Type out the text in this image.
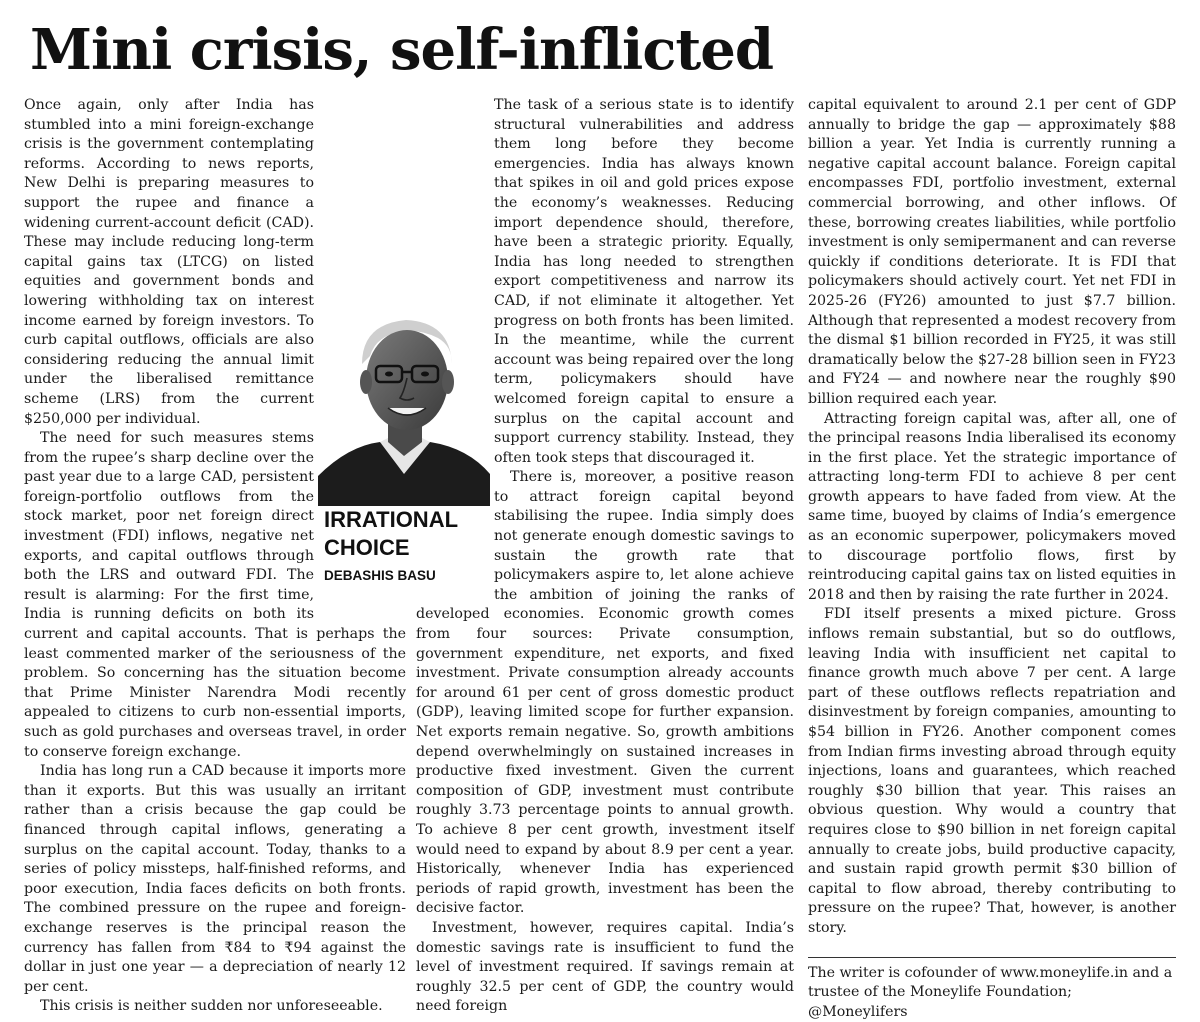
Mini crisis, self-inflicted

Once again, only after India has stumbled into a mini foreign-exchange crisis is the government contemplating reforms. According to news reports, New Delhi is preparing measures to support the rupee and finance a widening current-account deficit (CAD). These may include reducing long-term capital gains tax (LTCG) on listed equities and government bonds and lowering withholding tax on interest income earned by foreign investors. To curb capital outflows, officials are also considering reducing the annual limit under the liberalised remittance scheme (LRS) from the current $250,000 per individual.

The need for such measures stems from the rupee’s sharp decline over the past year due to a large CAD, persistent foreign-portfolio outflows from the stock market, poor net foreign direct investment (FDI) inflows, negative net exports, and capital outflows through both the LRS and outward FDI. The result is alarming: For the first time, India is running deficits on both its current and capital accounts. That is perhaps the least commented marker of the seriousness of the problem. So concerning has the situation become that Prime Minister Narendra Modi recently appealed to citizens to curb non-essential imports, such as gold purchases and overseas travel, in order to conserve foreign exchange.

India has long run a CAD because it imports more than it exports. But this was usually an irritant rather than a crisis because the gap could be financed through capital inflows, generating a surplus on the capital account. Today, thanks to a series of policy missteps, half-finished reforms, and poor execution, India faces deficits on both fronts. The combined pressure on the rupee and foreign-exchange reserves is the principal reason the currency has fallen from ₹84 to ₹94 against the dollar in just one year — a depreciation of nearly 12 per cent.

This crisis is neither sudden nor unforeseeable.

The task of a serious state is to identify structural vulnerabilities and address them long before they become emergencies. India has always known that spikes in oil and gold prices expose the economy’s weaknesses. Reducing import dependence should, therefore, have been a strategic priority. Equally, India has long needed to strengthen export competitiveness and narrow its CAD, if not eliminate it altogether. Yet progress on both fronts has been limited. In the meantime, while the current account was being repaired over the long term, policymakers should have welcomed foreign capital to ensure a surplus on the capital account and support currency stability. Instead, they often took steps that discouraged it.

There is, moreover, a positive reason to attract foreign capital beyond stabilising the rupee. India simply does not generate enough domestic savings to sustain the growth rate that policymakers aspire to, let alone achieve the ambition of joining the ranks of developed economies. Economic growth comes from four sources: Private consumption, government expenditure, net exports, and fixed investment. Private consumption already accounts for around 61 per cent of gross domestic product (GDP), leaving limited scope for further expansion. Net exports remain negative. So, growth ambitions depend overwhelmingly on sustained increases in productive fixed investment. Given the current composition of GDP, investment must contribute roughly 3.73 percentage points to annual growth. To achieve 8 per cent growth, investment itself would need to expand by about 8.9 per cent a year. Historically, whenever India has experienced periods of rapid growth, investment has been the decisive factor.

Investment, however, requires capital. India’s domestic savings rate is insufficient to fund the level of investment required. If savings remain at roughly 32.5 per cent of GDP, the country would need foreign

capital equivalent to around 2.1 per cent of GDP annually to bridge the gap — approximately $88 billion a year. Yet India is currently running a negative capital account balance. Foreign capital encompasses FDI, portfolio investment, external commercial borrowing, and other inflows. Of these, borrowing creates liabilities, while portfolio investment is only semipermanent and can reverse quickly if conditions deteriorate. It is FDI that policymakers should actively court. Yet net FDI in 2025-26 (FY26) amounted to just $7.7 billion. Although that represented a modest recovery from the dismal $1 billion recorded in FY25, it was still dramatically below the $27-28 billion seen in FY23 and FY24 — and nowhere near the roughly $90 billion required each year.

Attracting foreign capital was, after all, one of the principal reasons India liberalised its economy in the first place. Yet the strategic importance of attracting long-term FDI to achieve 8 per cent growth appears to have faded from view. At the same time, buoyed by claims of India’s emergence as an economic superpower, policymakers moved to discourage portfolio flows, first by reintroducing capital gains tax on listed equities in 2018 and then by raising the rate further in 2024.

FDI itself presents a mixed picture. Gross inflows remain substantial, but so do outflows, leaving India with insufficient net capital to finance growth much above 7 per cent. A large part of these outflows reflects repatriation and disinvestment by foreign companies, amounting to $54 billion in FY26. Another component comes from Indian firms investing abroad through equity injections, loans and guarantees, which reached roughly $30 billion that year. This raises an obvious question. Why would a country that requires close to $90 billion in net foreign capital annually to create jobs, build productive capacity, and sustain rapid growth permit $30 billion of capital to flow abroad, thereby contributing to pressure on the rupee? That, however, is another story.

The writer is cofounder of www.moneylife.in and a trustee of the Moneylife Foundation; @Moneylifers

IRRATIONAL CHOICE
DEBASHIS BASU
